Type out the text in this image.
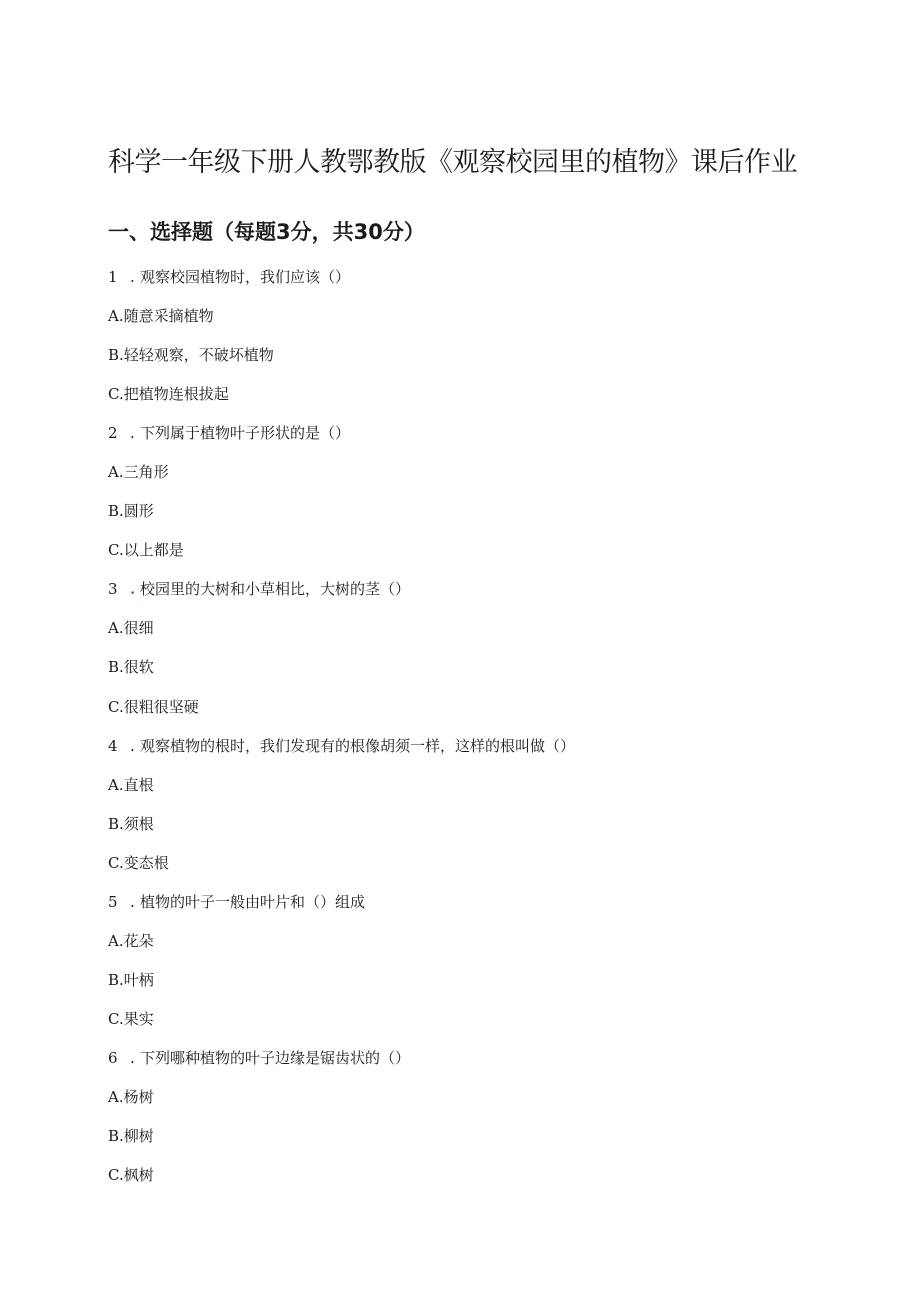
科学一年级下册人教鄂教版《观察校园里的植物》课后作业
一、选择题（每题3分，共30分）
1 . 观察校园植物时，我们应该（）
A.随意采摘植物
B.轻轻观察，不破坏植物
C.把植物连根拔起
2 . 下列属于植物叶子形状的是（）
A.三角形
B.圆形
C.以上都是
3 . 校园里的大树和小草相比，大树的茎（）
A.很细
B.很软
C.很粗很坚硬
4 . 观察植物的根时，我们发现有的根像胡须一样，这样的根叫做（）
A.直根
B.须根
C.变态根
5 . 植物的叶子一般由叶片和（）组成
A.花朵
B.叶柄
C.果实
6 . 下列哪种植物的叶子边缘是锯齿状的（）
A.杨树
B.柳树
C.枫树
